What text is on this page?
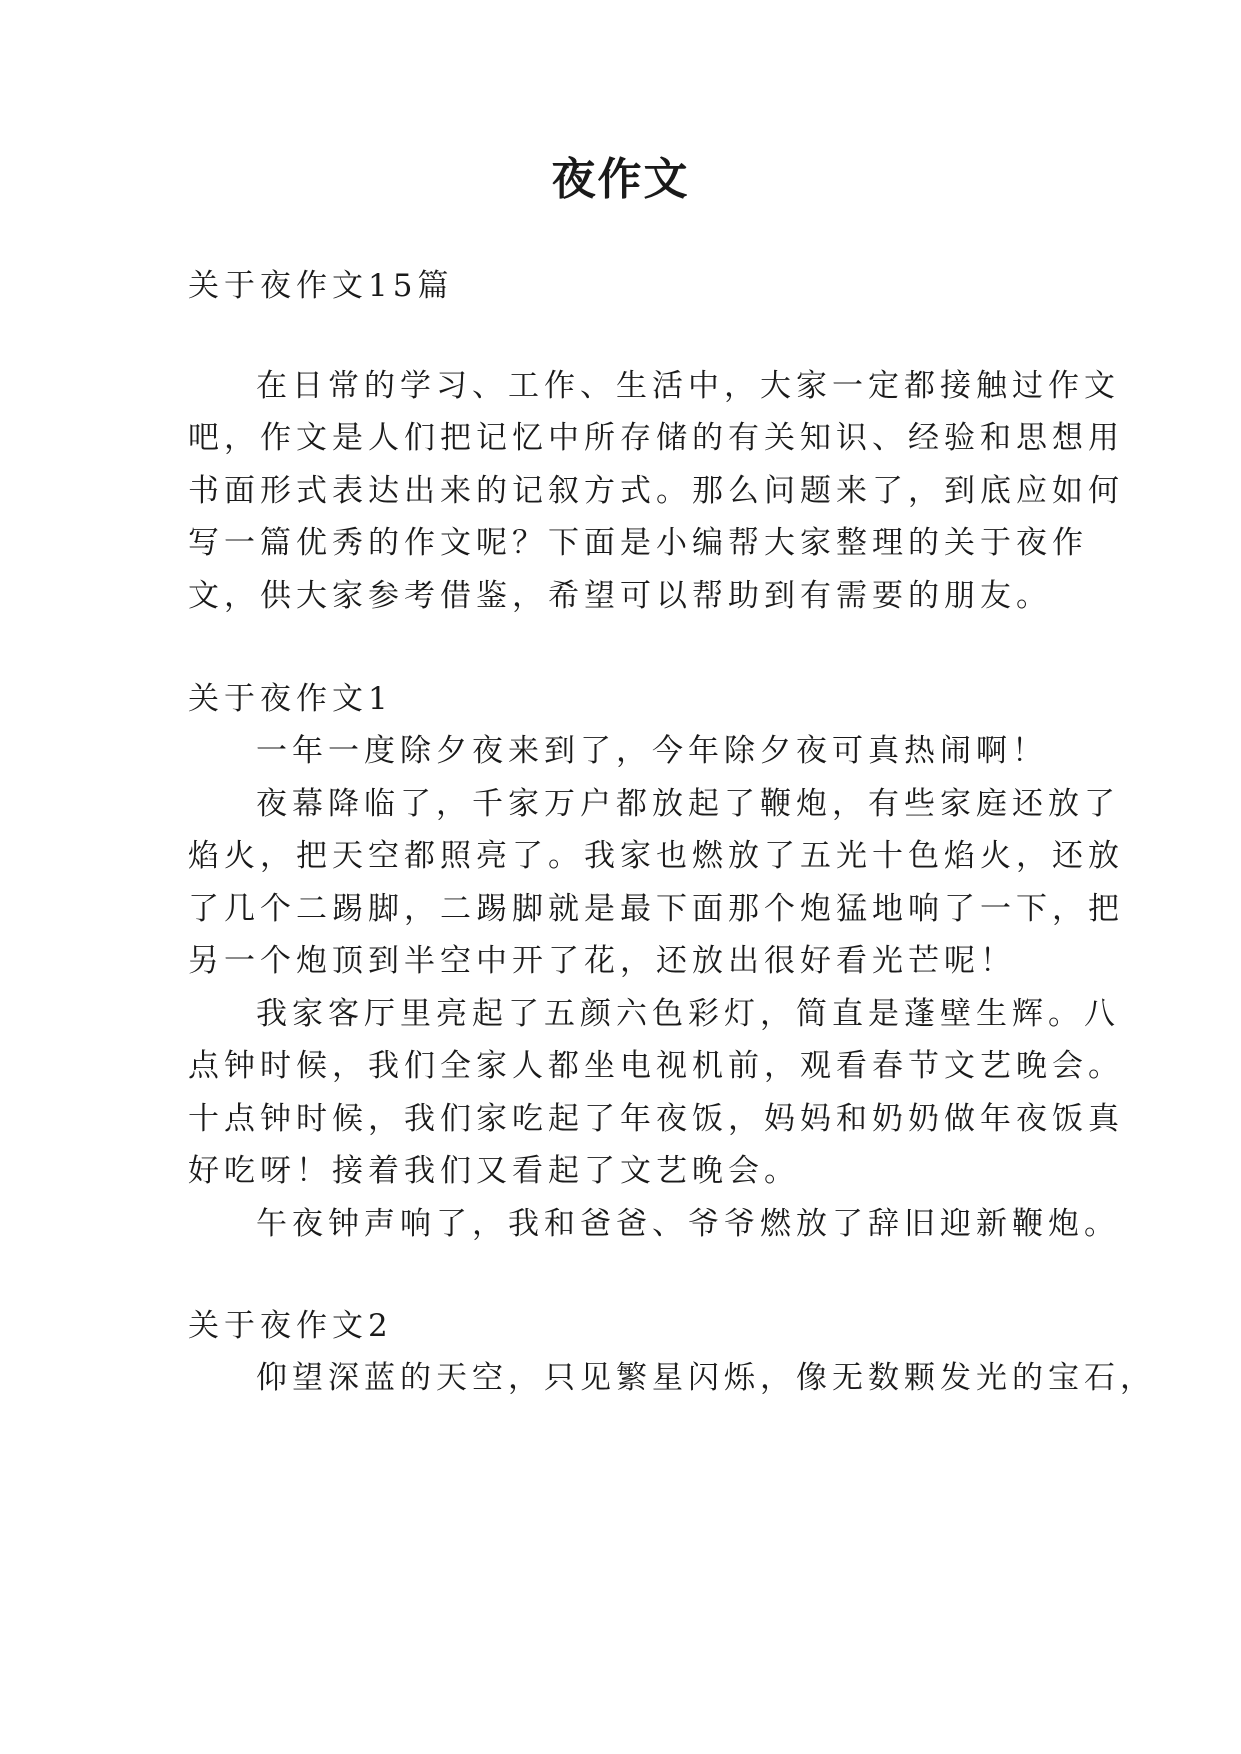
夜作文
关于夜作文15篇
在日常的学习、工作、生活中，大家一定都接触过作文
吧，作文是人们把记忆中所存储的有关知识、经验和思想用
书面形式表达出来的记叙方式。那么问题来了，到底应如何
写一篇优秀的作文呢？下面是小编帮大家整理的关于夜作
文，供大家参考借鉴，希望可以帮助到有需要的朋友。
关于夜作文1
一年一度除夕夜来到了，今年除夕夜可真热闹啊！
夜幕降临了，千家万户都放起了鞭炮，有些家庭还放了
焰火，把天空都照亮了。我家也燃放了五光十色焰火，还放
了几个二踢脚，二踢脚就是最下面那个炮猛地响了一下，把
另一个炮顶到半空中开了花，还放出很好看光芒呢！
我家客厅里亮起了五颜六色彩灯，简直是蓬壁生辉。八
点钟时候，我们全家人都坐电视机前，观看春节文艺晚会。
十点钟时候，我们家吃起了年夜饭，妈妈和奶奶做年夜饭真
好吃呀！接着我们又看起了文艺晚会。
午夜钟声响了，我和爸爸、爷爷燃放了辞旧迎新鞭炮。
关于夜作文2
仰望深蓝的天空，只见繁星闪烁，像无数颗发光的宝石，
